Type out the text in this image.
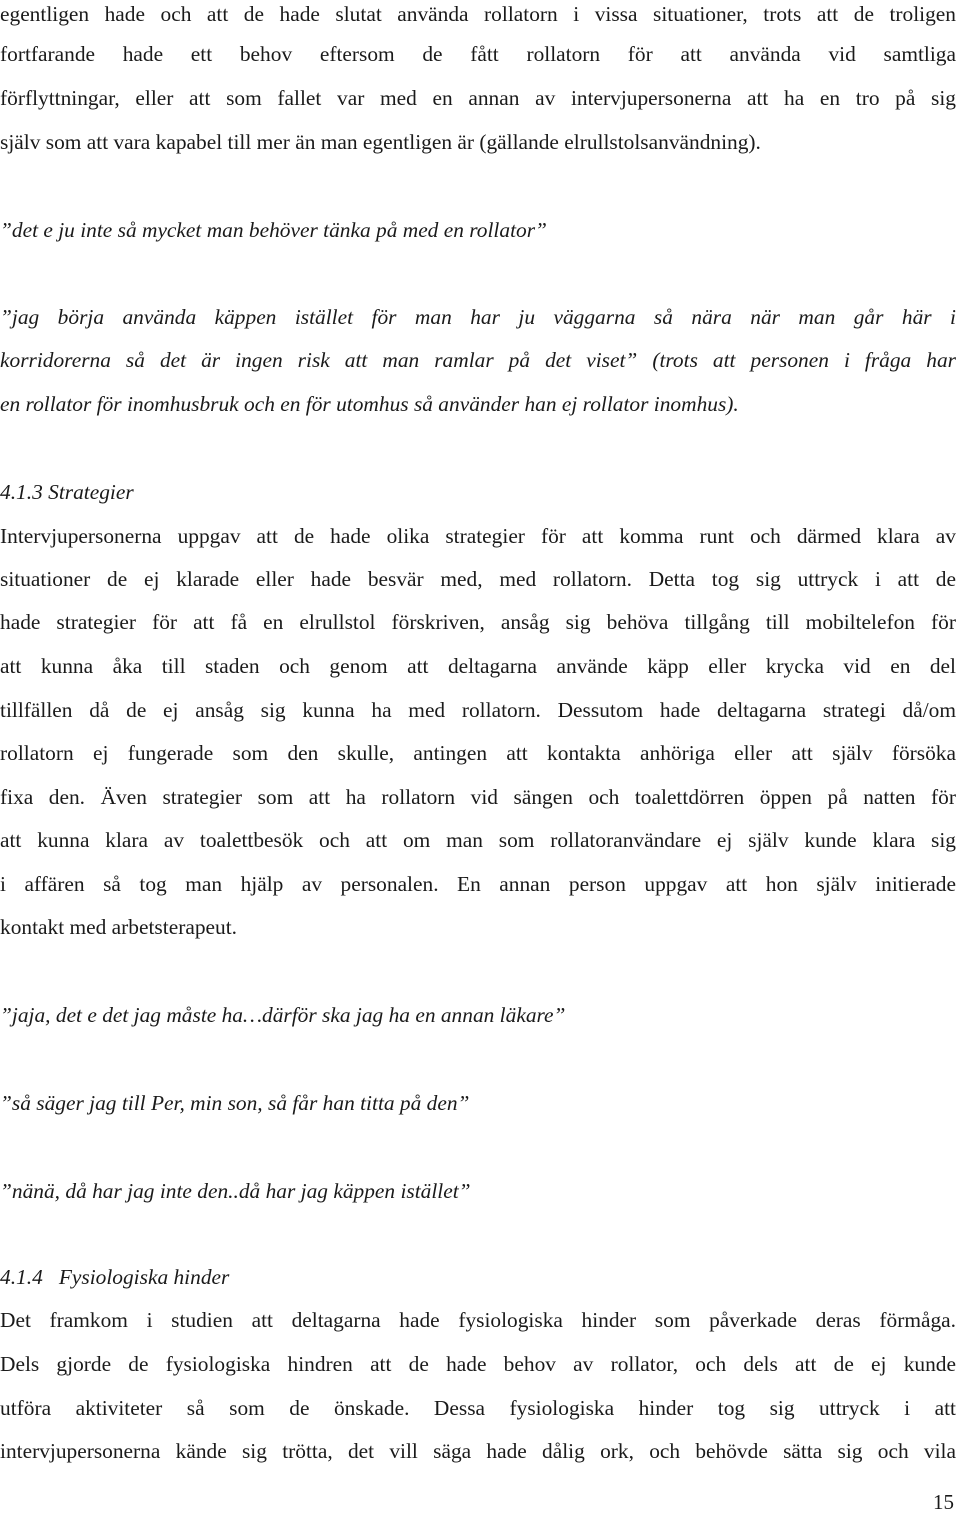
egentligen hade och att de hade slutat använda rollatorn i vissa situationer, trots att de troligen
fortfarande hade ett behov eftersom de fått rollatorn för att använda vid samtliga
förflyttningar, eller att som fallet var med en annan av intervjupersonerna att ha en tro på sig
själv som att vara kapabel till mer än man egentligen är (gällande elrullstolsanvändning).
”det e ju inte så mycket man behöver tänka på med en rollator”
”jag börja använda käppen istället för man har ju väggarna så nära när man går här i
korridorerna så det är ingen risk att man ramlar på det viset” (trots att personen i fråga har
en rollator för inomhusbruk och en för utomhus så använder han ej rollator inomhus).
4.1.3 Strategier
Intervjupersonerna uppgav att de hade olika strategier för att komma runt och därmed klara av
situationer de ej klarade eller hade besvär med, med rollatorn. Detta tog sig uttryck i att de
hade strategier för att få en elrullstol förskriven, ansåg sig behöva tillgång till mobiltelefon för
att kunna åka till staden och genom att deltagarna använde käpp eller krycka vid en del
tillfällen då de ej ansåg sig kunna ha med rollatorn. Dessutom hade deltagarna strategi då/om
rollatorn ej fungerade som den skulle, antingen att kontakta anhöriga eller att själv försöka
fixa den. Även strategier som att ha rollatorn vid sängen och toalettdörren öppen på natten för
att kunna klara av toalettbesök och att om man som rollatoranvändare ej själv kunde klara sig
i affären så tog man hjälp av personalen. En annan person uppgav att hon själv initierade
kontakt med arbetsterapeut.
”jaja, det e det jag måste ha…därför ska jag ha en annan läkare”
”så säger jag till Per, min son, så får han titta på den”
”nänä, då har jag inte den..då har jag käppen istället”
4.1.4   Fysiologiska hinder
Det framkom i studien att deltagarna hade fysiologiska hinder som påverkade deras förmåga.
Dels gjorde de fysiologiska hindren att de hade behov av rollator, och dels att de ej kunde
utföra aktiviteter så som de önskade. Dessa fysiologiska hinder tog sig uttryck i att
intervjupersonerna kände sig trötta, det vill säga hade dålig ork, och behövde sätta sig och vila
15
